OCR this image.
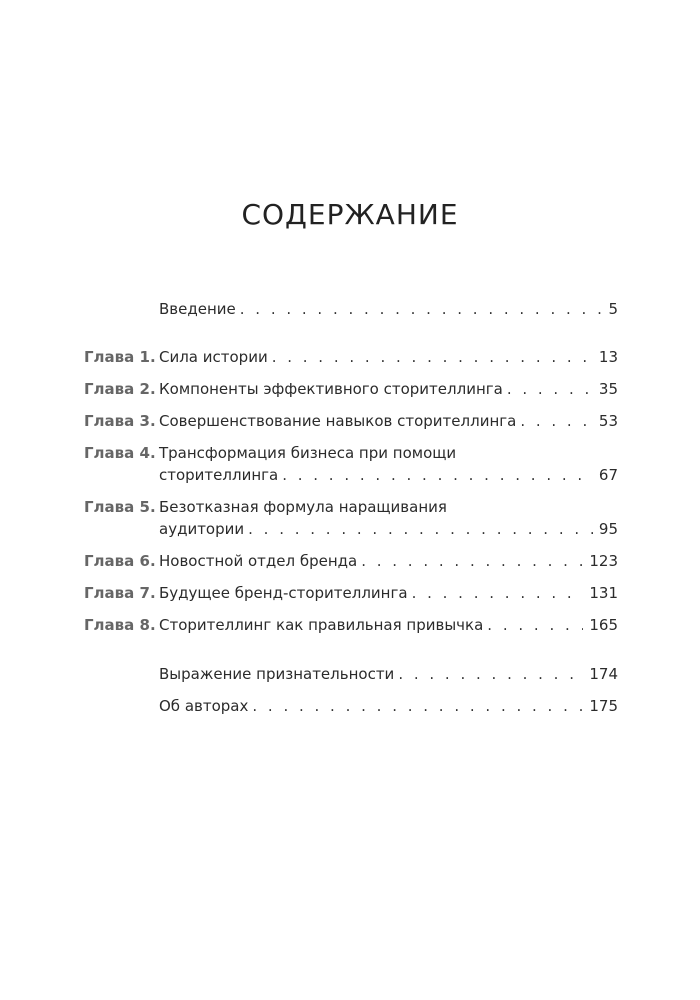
СОДЕРЖАНИЕ
Введение . . .	5
Глава 1. Сила истории . . .	13
Глава 2. Компоненты эффективного сторителлинга . . .	35
Глава 3. Совершенствование навыков сторителлинга . . .	53
Глава 4. Трансформация бизнеса при помощи
сторителлинга . . .	67
Глава 5. Безотказная формула наращивания
аудитории . . .	95
Глава 6. Новостной отдел бренда . . .	123
Глава 7. Будущее бренд-сторителлинга . . .	131
Глава 8. Сторителлинг как правильная привычка . . .	165
Выражение признательности . . .	174
Об авторах . . .	175
